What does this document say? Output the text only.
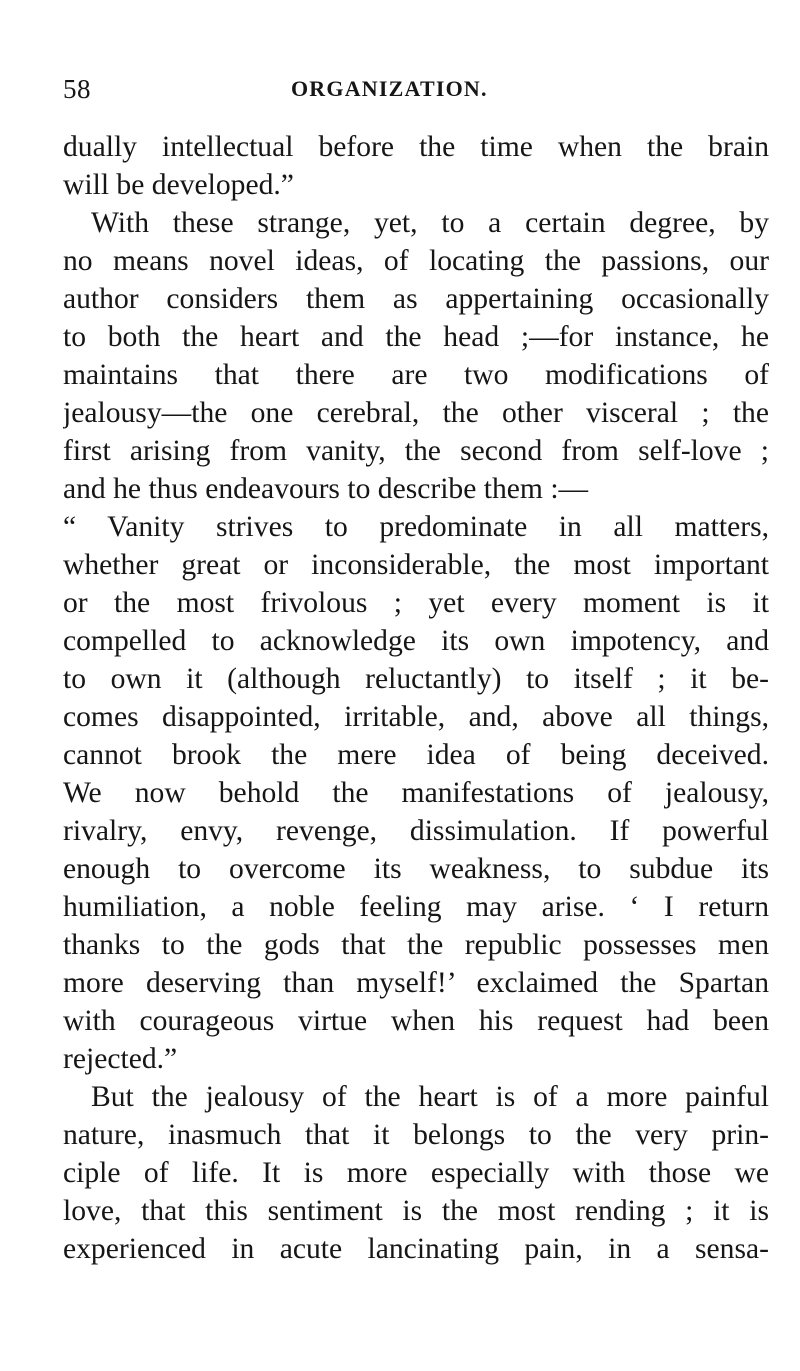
58	ORGANIZATION.
dually intellectual before the time when the brain
will be developed.”
With these strange, yet, to a certain degree, by
no means novel ideas, of locating the passions, our
author considers them as appertaining occasionally
to both the heart and the head ;—for instance, he
maintains that there are two modifications of
jealousy—the one cerebral, the other visceral ; the
first arising from vanity, the second from self-love ;
and he thus endeavours to describe them :—
“ Vanity strives to predominate in all matters,
whether great or inconsiderable, the most important
or the most frivolous ; yet every moment is it
compelled to acknowledge its own impotency, and
to own it (although reluctantly) to itself ; it be-
comes disappointed, irritable, and, above all things,
cannot brook the mere idea of being deceived.
We now behold the manifestations of jealousy,
rivalry, envy, revenge, dissimulation. If powerful
enough to overcome its weakness, to subdue its
humiliation, a noble feeling may arise. ‘ I return
thanks to the gods that the republic possesses men
more deserving than myself!’ exclaimed the Spartan
with courageous virtue when his request had been
rejected.”
But the jealousy of the heart is of a more painful
nature, inasmuch that it belongs to the very prin-
ciple of life. It is more especially with those we
love, that this sentiment is the most rending ; it is
experienced in acute lancinating pain, in a sensa-
